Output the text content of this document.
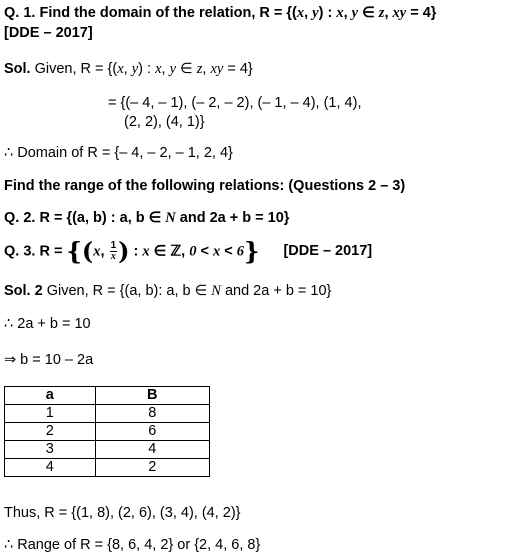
Q. 1. Find the domain of the relation, R = {(x, y) : x, y ∈ z, xy = 4}
[DDE – 2017]
Sol. Given, R = {(x, y) : x, y ∈ z, xy = 4}
= {(– 4, – 1), (– 2, – 2), (– 1, – 4), (1, 4),
(2, 2), (4, 1)}
∴ Domain of R = {– 4, – 2, – 1, 2, 4}
Find the range of the following relations: (Questions 2 – 3)
Q. 2. R = {(a, b) : a, b ∈ N and 2a + b = 10}
Q. 3. R = {(x, $\frac{1}{x}$ ) : x ∈ ℤ, 0 < x < 6} [DDE – 2017]
Sol. 2 Given, R = {(a, b): a, b ∈ N and 2a + b = 10}
∴ 2a + b = 10
⇒ b = 10 – 2a
a	B
1	8
2	6
3	4
4	2
Thus, R = {(1, 8), (2, 6), (3, 4), (4, 2)}
∴ Range of R = {8, 6, 4, 2} or {2, 4, 6, 8}
